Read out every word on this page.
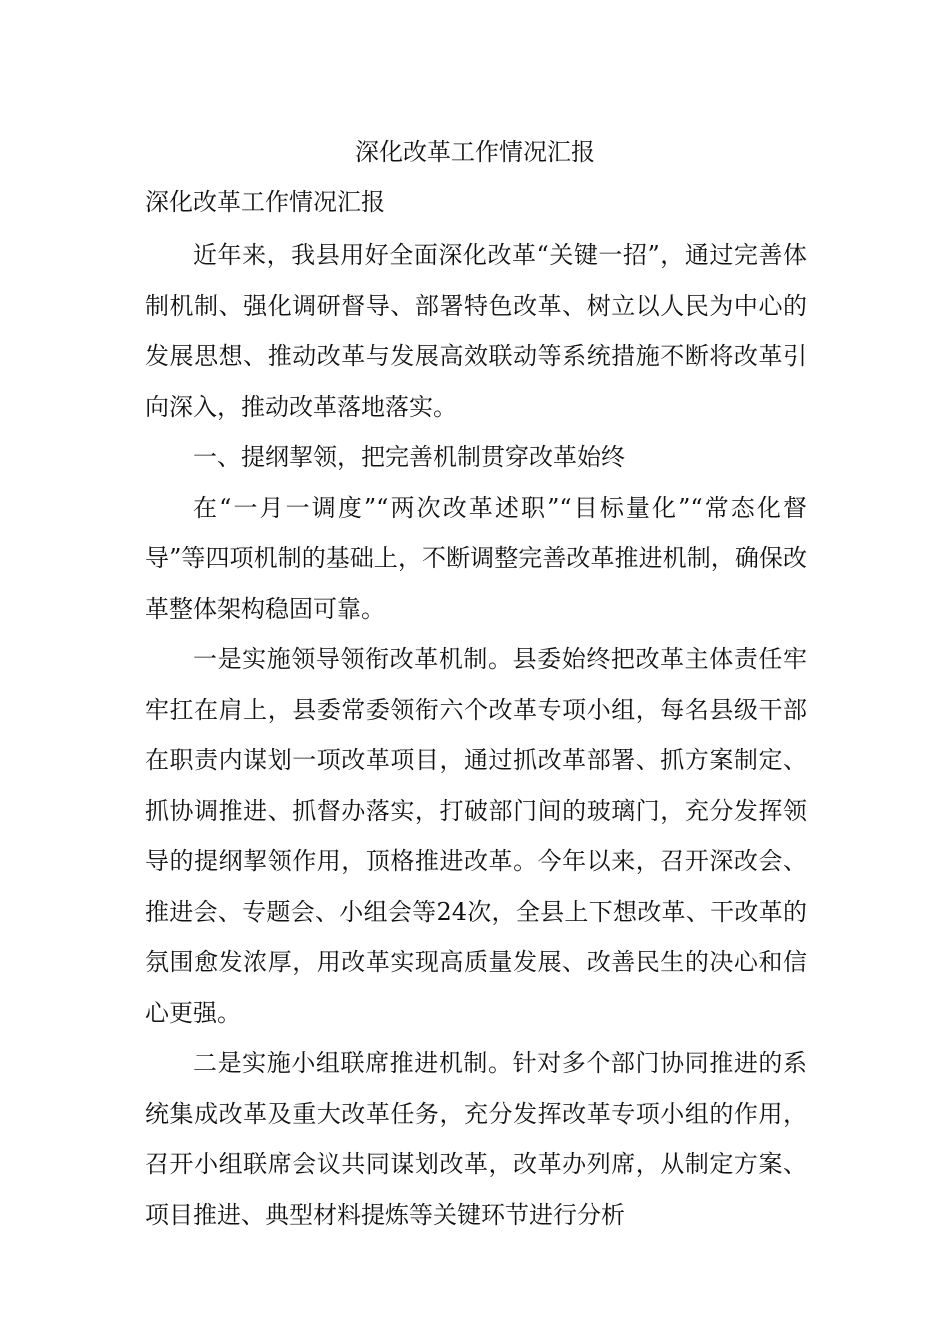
深化改革工作情况汇报
深化改革工作情况汇报

近年来，我县用好全面深化改革“关键一招”，通过完善体制机制、强化调研督导、部署特色改革、树立以人民为中心的发展思想、推动改革与发展高效联动等系统措施不断将改革引向深入，推动改革落地落实。

一、提纲挈领，把完善机制贯穿改革始终

在“一月一调度”“两次改革述职”“目标量化”“常态化督导”等四项机制的基础上，不断调整完善改革推进机制，确保改革整体架构稳固可靠。

一是实施领导领衔改革机制。县委始终把改革主体责任牢牢扛在肩上，县委常委领衔六个改革专项小组，每名县级干部在职责内谋划一项改革项目，通过抓改革部署、抓方案制定、抓协调推进、抓督办落实，打破部门间的玻璃门，充分发挥领导的提纲挈领作用，顶格推进改革。今年以来，召开深改会、推进会、专题会、小组会等24次，全县上下想改革、干改革的氛围愈发浓厚，用改革实现高质量发展、改善民生的决心和信心更强。

二是实施小组联席推进机制。针对多个部门协同推进的系统集成改革及重大改革任务，充分发挥改革专项小组的作用，召开小组联席会议共同谋划改革，改革办列席，从制定方案、项目推进、典型材料提炼等关键环节进行分析
